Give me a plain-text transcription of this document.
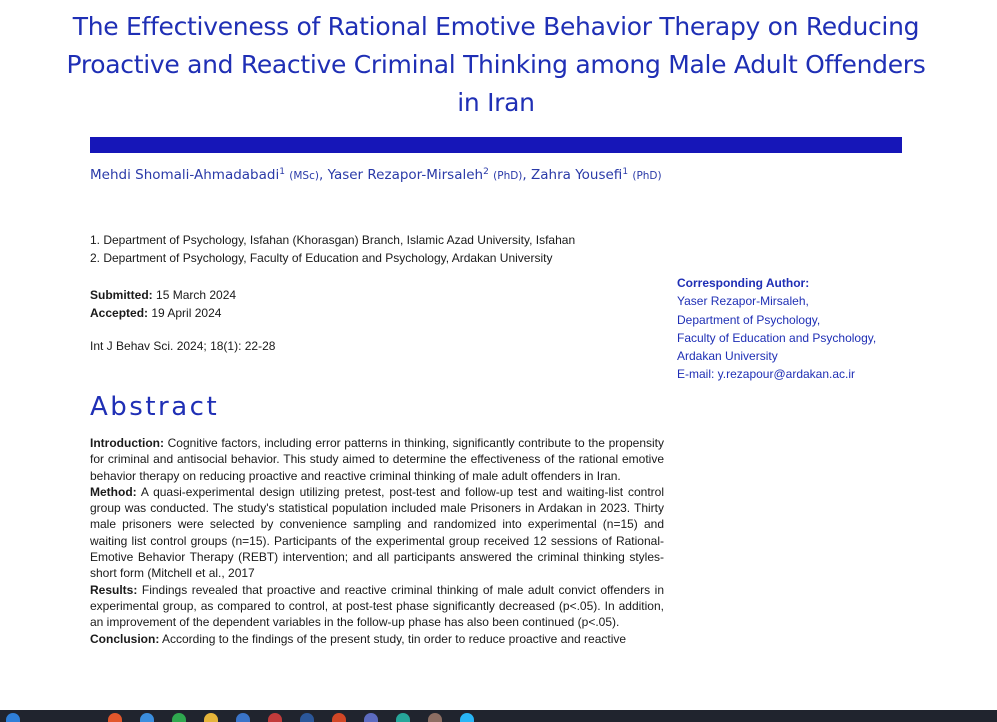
The Effectiveness of Rational Emotive Behavior Therapy on Reducing Proactive and Reactive Criminal Thinking among Male Adult Offenders in Iran
Mehdi Shomali-Ahmadabadi$^1$ (MSc), Yaser Rezapor-Mirsaleh$^2$ (PhD), Zahra Yousefi$^1$ (PhD)
1. Department of Psychology, Isfahan (Khorasgan) Branch, Islamic Azad University, Isfahan
2. Department of Psychology, Faculty of Education and Psychology, Ardakan University
Submitted: 15 March 2024
Accepted: 19 April 2024
Int J Behav Sci. 2024; 18(1): 22-28
Corresponding Author:
Yaser Rezapor-Mirsaleh,
Department of Psychology,
Faculty of Education and Psychology,
Ardakan University
E-mail: y.rezapour@ardakan.ac.ir
Abstract

Introduction: Cognitive factors, including error patterns in thinking, significantly contribute to the propensity for criminal and antisocial behavior. This study aimed to determine the effectiveness of the rational emotive behavior therapy on reducing proactive and reactive criminal thinking of male adult offenders in Iran.

Method: A quasi-experimental design utilizing pretest, post-test and follow-up test and waiting-list control group was conducted. The study's statistical population included male Prisoners in Ardakan in 2023. Thirty male prisoners were selected by convenience sampling and randomized into experimental (n=15) and waiting list control groups (n=15). Participants of the experimental group received 12 sessions of Rational-Emotive Behavior Therapy (REBT) intervention; and all participants answered the criminal thinking styles-short form (Mitchell et al., 2017

Results: Findings revealed that proactive and reactive criminal thinking of male adult convict offenders in experimental group, as compared to control, at post-test phase significantly decreased (p<.05). In addition, an improvement of the dependent variables in the follow-up phase has also been continued (p<.05).

Conclusion: According to the findings of the present study, tin order to reduce proactive and reactive
